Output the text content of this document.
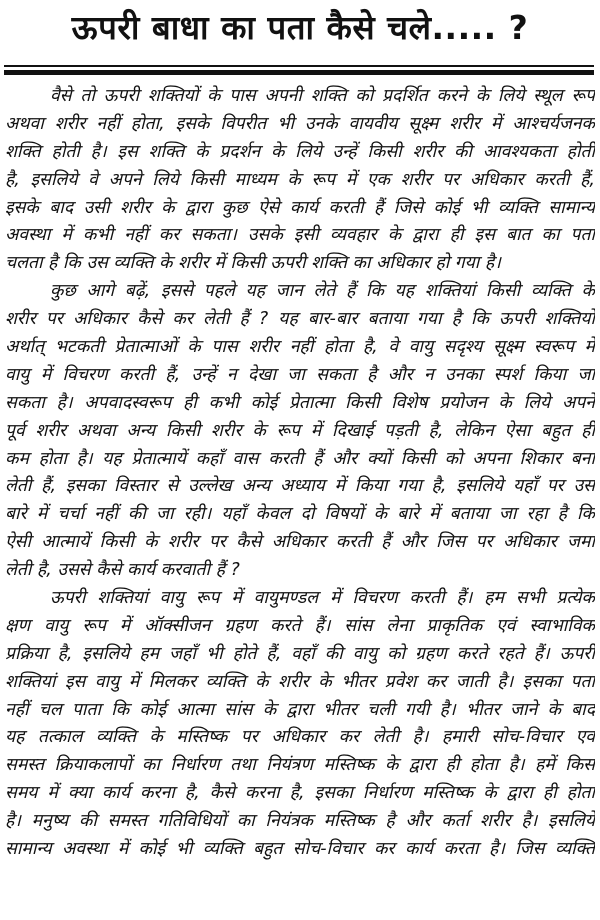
ऊपरी बाधा का पता कैसे चले..... ?
वैसे तो ऊपरी शक्तियों के पास अपनी शक्ति को प्रदर्शित करने के लिये स्थूल रूप
अथवा शरीर नहीं होता, इसके विपरीत भी उनके वायवीय सूक्ष्म शरीर में आश्चर्यजनक
शक्ति होती है। इस शक्ति के प्रदर्शन के लिये उन्हें किसी शरीर की आवश्यकता होती
है, इसलिये वे अपने लिये किसी माध्यम के रूप में एक शरीर पर अधिकार करती हैं,
इसके बाद उसी शरीर के द्वारा कुछ ऐसे कार्य करती हैं जिसे कोई भी व्यक्ति सामान्य
अवस्था में कभी नहीं कर सकता। उसके इसी व्यवहार के द्वारा ही इस बात का पता
चलता है कि उस व्यक्ति के शरीर में किसी ऊपरी शक्ति का अधिकार हो गया है।
कुछ आगे बढ़ें, इससे पहले यह जान लेते हैं कि यह शक्तियां किसी व्यक्ति के
शरीर पर अधिकार कैसे कर लेती हैं ? यह बार-बार बताया गया है कि ऊपरी शक्तियों
अर्थात् भटकती प्रेतात्माओं के पास शरीर नहीं होता है, वे वायु सदृश्य सूक्ष्म स्वरूप में
वायु में विचरण करती हैं, उन्हें न देखा जा सकता है और न उनका स्पर्श किया जा
सकता है। अपवादस्वरूप ही कभी कोई प्रेतात्मा किसी विशेष प्रयोजन के लिये अपने
पूर्व शरीर अथवा अन्य किसी शरीर के रूप में दिखाई पड़ती है, लेकिन ऐसा बहुत ही
कम होता है। यह प्रेतात्मायें कहाँ वास करती हैं और क्यों किसी को अपना शिकार बना
लेती हैं, इसका विस्तार से उल्लेख अन्य अध्याय में किया गया है, इसलिये यहाँ पर उस
बारे में चर्चा नहीं की जा रही। यहाँ केवल दो विषयों के बारे में बताया जा रहा है कि
ऐसी आत्मायें किसी के शरीर पर कैसे अधिकार करती हैं और जिस पर अधिकार जमा
लेती है, उससे कैसे कार्य करवाती हैं ?
ऊपरी शक्तियां वायु रूप में वायुमण्डल में विचरण करती हैं। हम सभी प्रत्येक
क्षण वायु रूप में ऑक्सीजन ग्रहण करते हैं। सांस लेना प्राकृतिक एवं स्वाभाविक
प्रक्रिया है, इसलिये हम जहाँ भी होते हैं, वहाँ की वायु को ग्रहण करते रहते हैं। ऊपरी
शक्तियां इस वायु में मिलकर व्यक्ति के शरीर के भीतर प्रवेश कर जाती है। इसका पता
नहीं चल पाता कि कोई आत्मा सांस के द्वारा भीतर चली गयी है। भीतर जाने के बाद
यह तत्काल व्यक्ति के मस्तिष्क पर अधिकार कर लेती है। हमारी सोच-विचार एवं
समस्त क्रियाकलापों का निर्धारण तथा नियंत्रण मस्तिष्क के द्वारा ही होता है। हमें किस
समय में क्या कार्य करना है, कैसे करना है, इसका निर्धारण मस्तिष्क के द्वारा ही होता
है। मनुष्य की समस्त गतिविधियों का नियंत्रक मस्तिष्क है और कर्ता शरीर है। इसलिये
सामान्य अवस्था में कोई भी व्यक्ति बहुत सोच-विचार कर कार्य करता है। जिस व्यक्ति
